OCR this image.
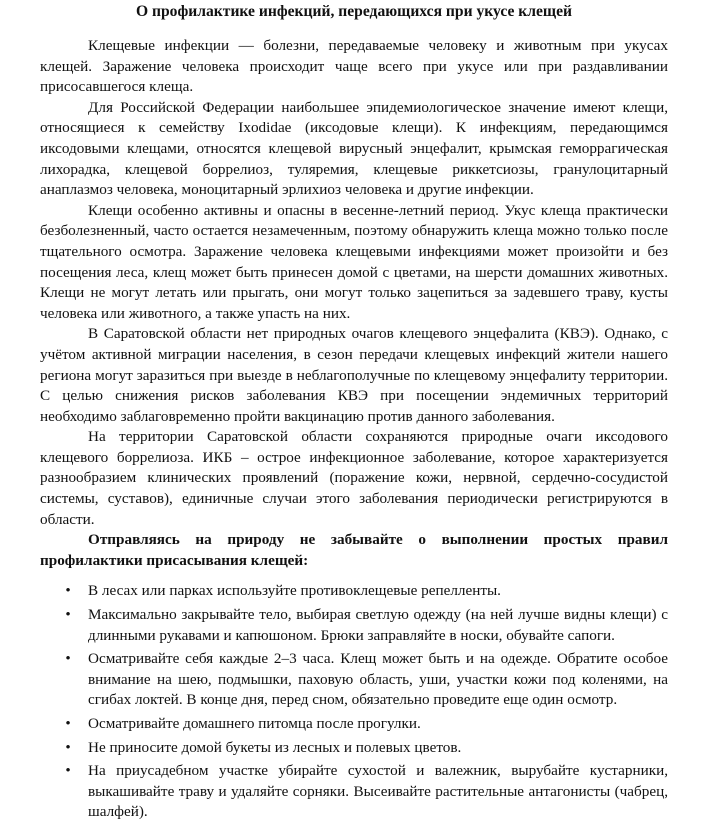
О профилактике инфекций, передающихся при укусе клещей

Клещевые инфекции — болезни, передаваемые человеку и животным при укусах клещей. Заражение человека происходит чаще всего при укусе или при раздавливании присосавшегося клеща.

Для Российской Федерации наибольшее эпидемиологическое значение имеют клещи, относящиеся к семейству Ixodidae (иксодовые клещи). К инфекциям, передающимся иксодовыми клещами, относятся клещевой вирусный энцефалит, крымская геморрагическая лихорадка, клещевой боррелиоз, туляремия, клещевые риккетсиозы, гранулоцитарный анаплазмоз человека, моноцитарный эрлихиоз человека и другие инфекции.

Клещи особенно активны и опасны в весенне-летний период. Укус клеща практически безболезненный, часто остается незамеченным, поэтому обнаружить клеща можно только после тщательного осмотра. Заражение человека клещевыми инфекциями может произойти и без посещения леса, клещ может быть принесен домой с цветами, на шерсти домашних животных. Клещи не могут летать или прыгать, они могут только зацепиться за задевшего траву, кусты человека или животного, а также упасть на них.

В Саратовской области нет природных очагов клещевого энцефалита (КВЭ). Однако, с учётом активной миграции населения, в сезон передачи клещевых инфекций жители нашего региона могут заразиться при выезде в неблагополучные по клещевому энцефалиту территории. С целью снижения рисков заболевания КВЭ при посещении эндемичных территорий необходимо заблаговременно пройти вакцинацию против данного заболевания.

На территории Саратовской области сохраняются природные очаги иксодового клещевого боррелиоза. ИКБ – острое инфекционное заболевание, которое характеризуется разнообразием клинических проявлений (поражение кожи, нервной, сердечно-сосудистой системы, суставов), единичные случаи этого заболевания периодически регистрируются в области.

Отправляясь на природу не забывайте о выполнении простых правил профилактики присасывания клещей:

• В лесах или парках используйте противоклещевые репелленты.
• Максимально закрывайте тело, выбирая светлую одежду (на ней лучше видны клещи) с длинными рукавами и капюшоном. Брюки заправляйте в носки, обувайте сапоги.
• Осматривайте себя каждые 2–3 часа. Клещ может быть и на одежде. Обратите особое внимание на шею, подмышки, паховую область, уши, участки кожи под коленями, на сгибах локтей. В конце дня, перед сном, обязательно проведите еще один осмотр.
• Осматривайте домашнего питомца после прогулки.
• Не приносите домой букеты из лесных и полевых цветов.
• На приусадебном участке убирайте сухостой и валежник, вырубайте кустарники, выкашивайте траву и удаляйте сорняки. Высеивайте растительные антагонисты (чабрец, шалфей).
